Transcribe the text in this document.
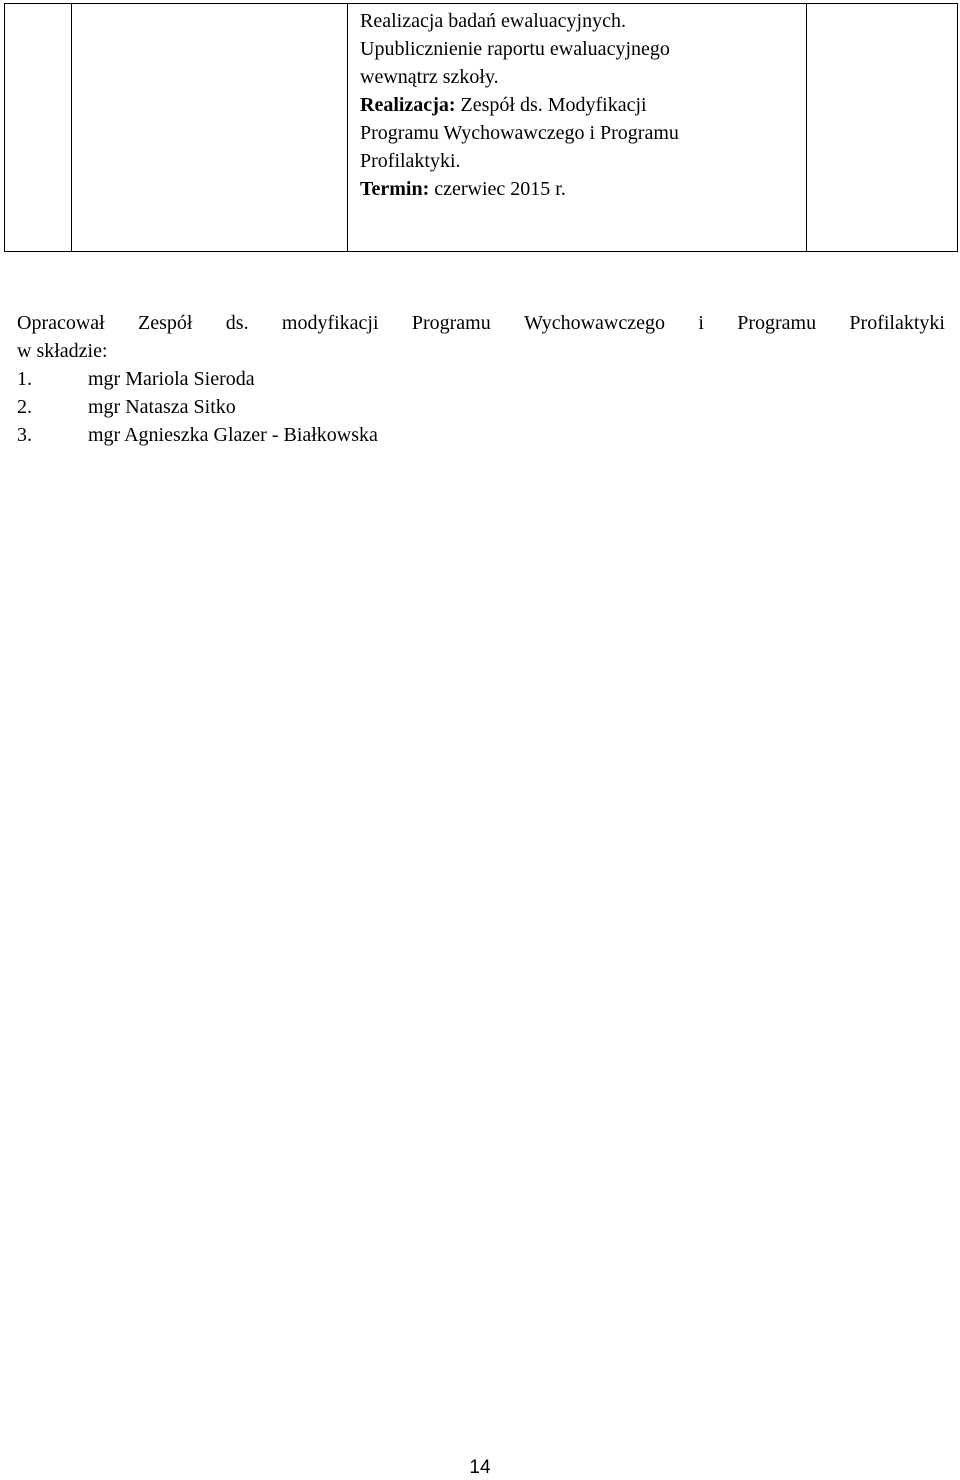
Realizacja badań ewaluacyjnych.
Upublicznienie raportu ewaluacyjnego
wewnątrz szkoły.
Realizacja: Zespół ds. Modyfikacji
Programu Wychowawczego i Programu
Profilaktyki.
Termin: czerwiec 2015 r.

Opracował Zespół ds. modyfikacji Programu Wychowawczego i Programu Profilaktyki
w składzie:
1.	mgr Mariola Sieroda
2.	mgr Natasza Sitko
3.	mgr Agnieszka Glazer - Białkowska
14
